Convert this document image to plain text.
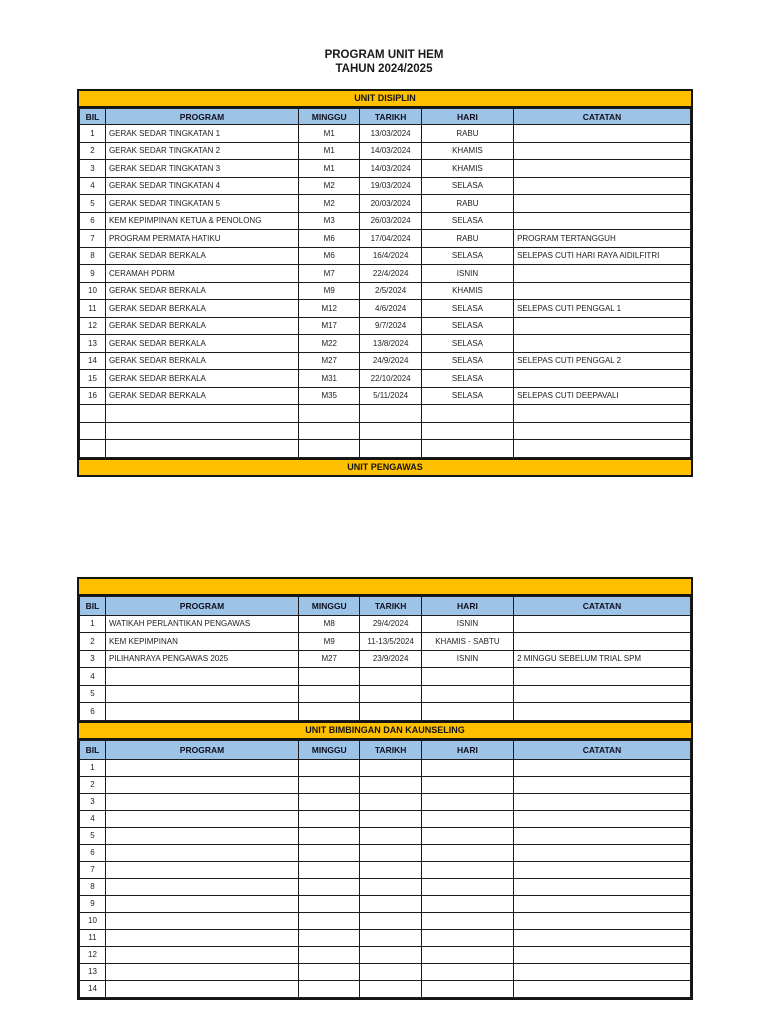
PROGRAM UNIT HEM
TAHUN 2024/2025
UNIT DISIPLIN
BIL	PROGRAM	MINGGU	TARIKH	HARI	CATATAN
1	GERAK SEDAR TINGKATAN 1	M1	13/03/2024	RABU	
2	GERAK SEDAR TINGKATAN 2	M1	14/03/2024	KHAMIS	
3	GERAK SEDAR TINGKATAN 3	M1	14/03/2024	KHAMIS	
4	GERAK SEDAR TINGKATAN 4	M2	19/03/2024	SELASA	
5	GERAK SEDAR TINGKATAN 5	M2	20/03/2024	RABU	
6	KEM KEPIMPINAN KETUA & PENOLONG	M3	26/03/2024	SELASA	
7	PROGRAM PERMATA HATIKU	M6	17/04/2024	RABU	PROGRAM TERTANGGUH
8	GERAK SEDAR BERKALA	M6	16/4/2024	SELASA	SELEPAS CUTI HARI RAYA AIDILFITRI
9	CERAMAH PDRM	M7	22/4/2024	ISNIN	
10	GERAK SEDAR BERKALA	M9	2/5/2024	KHAMIS	
11	GERAK SEDAR BERKALA	M12	4/6/2024	SELASA	SELEPAS CUTI PENGGAL 1
12	GERAK SEDAR BERKALA	M17	9/7/2024	SELASA	
13	GERAK SEDAR BERKALA	M22	13/8/2024	SELASA	
14	GERAK SEDAR BERKALA	M27	24/9/2024	SELASA	SELEPAS CUTI PENGGAL 2
15	GERAK SEDAR BERKALA	M31	22/10/2024	SELASA	
16	GERAK SEDAR BERKALA	M35	5/11/2024	SELASA	SELEPAS CUTI DEEPAVALI

UNIT PENGAWAS
BIL	PROGRAM	MINGGU	TARIKH	HARI	CATATAN
1	WATIKAH PERLANTIKAN PENGAWAS	M8	29/4/2024	ISNIN	
2	KEM KEPIMPINAN	M9	11-13/5/2024	KHAMIS - SABTU	
3	PILIHANRAYA PENGAWAS 2025	M27	23/9/2024	ISNIN	2 MINGGU SEBELUM TRIAL SPM
4					
5					
6					
UNIT BIMBINGAN DAN KAUNSELING
BIL	PROGRAM	MINGGU	TARIKH	HARI	CATATAN
1					
2					
3					
4					
5					
6					
7					
8					
9					
10					
11					
12					
13					
14					
